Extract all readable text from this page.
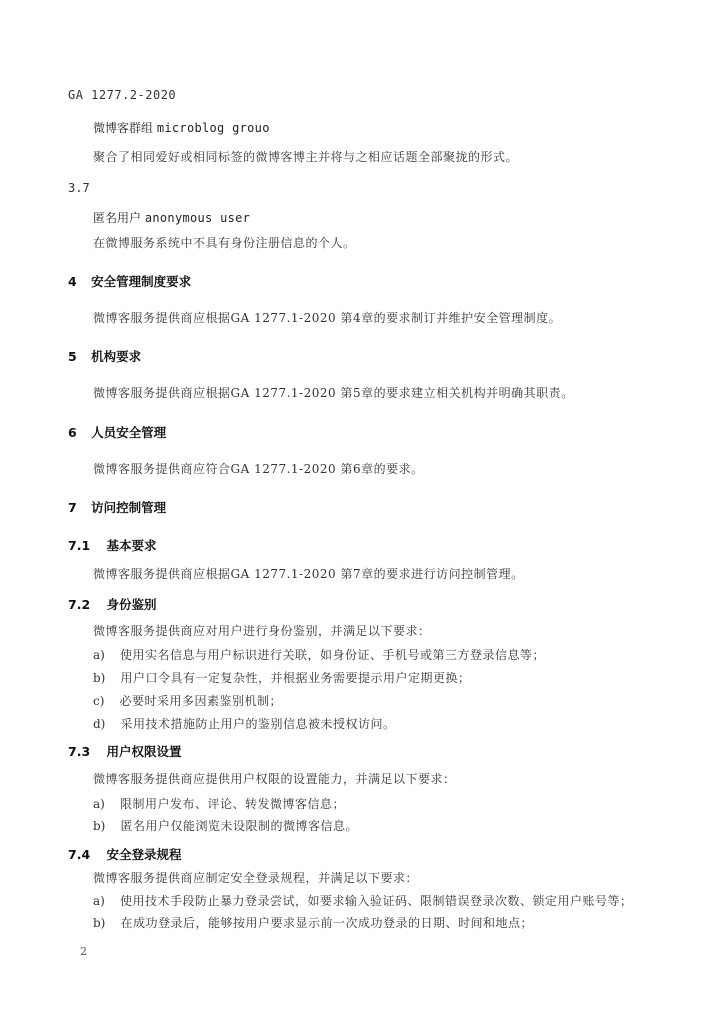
GA 1277.2-2020
微博客群组 microblog grouo
聚合了相同爱好或相同标签的微博客博主并将与之相应话题全部聚拢的形式。
3.7
匿名用户 anonymous user
在微博服务系统中不具有身份注册信息的个人。
4 安全管理制度要求
微博客服务提供商应根据GA 1277.1-2020 第4章的要求制订并维护安全管理制度。
5 机构要求
微博客服务提供商应根据GA 1277.1-2020 第5章的要求建立相关机构并明确其职责。
6 人员安全管理
微博客服务提供商应符合GA 1277.1-2020 第6章的要求。
7 访问控制管理
7.1 基本要求
微博客服务提供商应根据GA 1277.1-2020 第7章的要求进行访问控制管理。
7.2 身份鉴别
微博客服务提供商应对用户进行身份鉴别，并满足以下要求：
a) 使用实名信息与用户标识进行关联，如身份证、手机号或第三方登录信息等；
b) 用户口令具有一定复杂性，并根据业务需要提示用户定期更换；
c) 必要时采用多因素鉴别机制；
d) 采用技术措施防止用户的鉴别信息被未授权访问。
7.3 用户权限设置
微博客服务提供商应提供用户权限的设置能力，并满足以下要求：
a) 限制用户发布、评论、转发微博客信息；
b) 匿名用户仅能浏览未设限制的微博客信息。
7.4 安全登录规程
微博客服务提供商应制定安全登录规程，并满足以下要求：
a) 使用技术手段防止暴力登录尝试，如要求输入验证码、限制错误登录次数、锁定用户账号等；
b) 在成功登录后，能够按用户要求显示前一次成功登录的日期、时间和地点；
2
